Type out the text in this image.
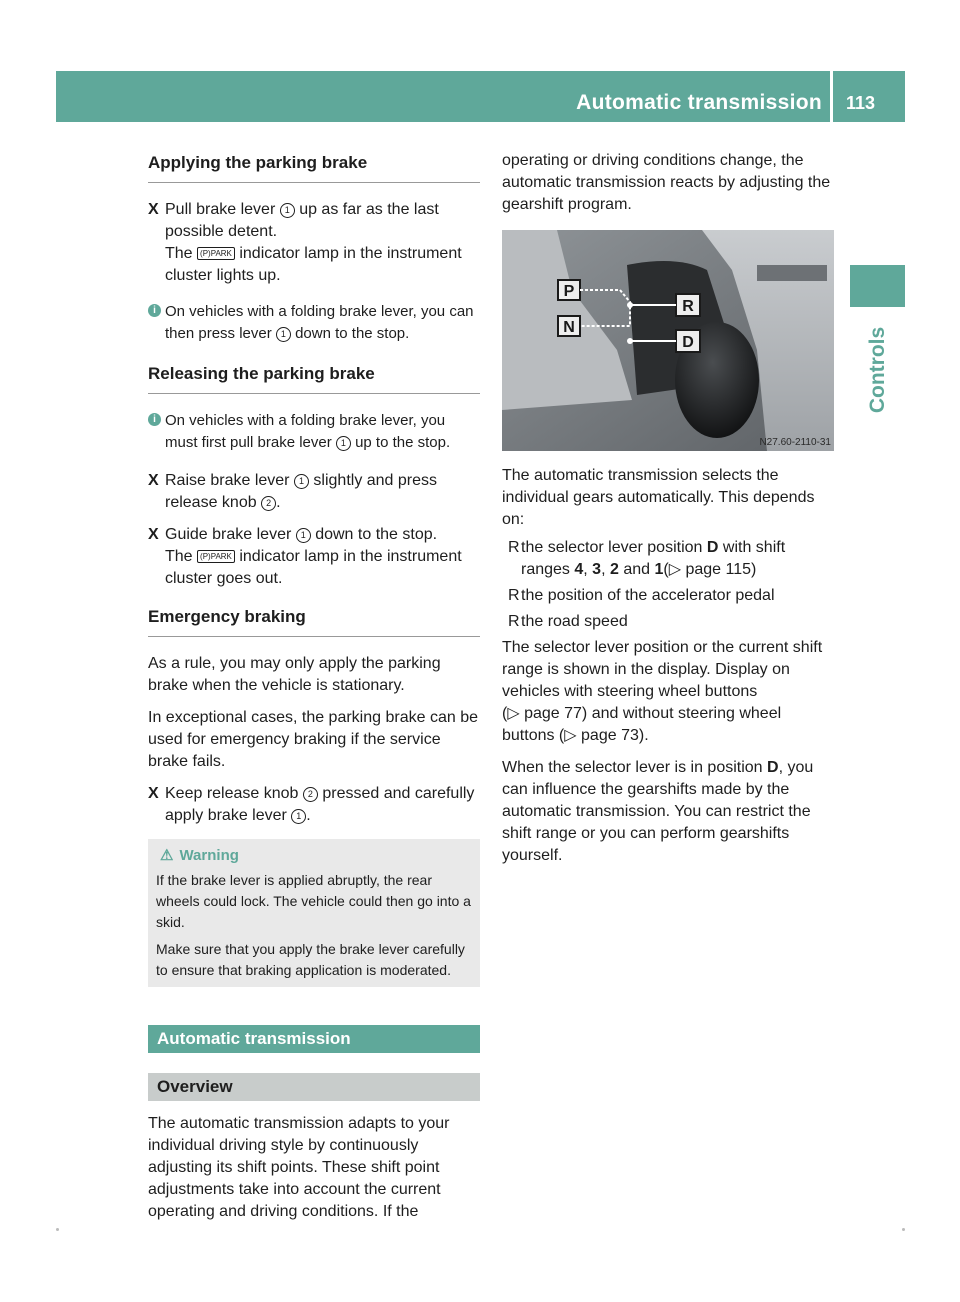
Automatic transmission 113
Controls
Applying the parking brake
X Pull brake lever 1 up as far as the last possible detent.
The (P)PARK indicator lamp in the instrument cluster lights up.
i On vehicles with a folding brake lever, you can then press lever 1 down to the stop.
Releasing the parking brake
i On vehicles with a folding brake lever, you must first pull brake lever 1 up to the stop.
X Raise brake lever 1 slightly and press release knob 2 .
X Guide brake lever 1 down to the stop.
The (P)PARK indicator lamp in the instrument cluster goes out.
Emergency braking

As a rule, you may only apply the parking brake when the vehicle is stationary.

In exceptional cases, the parking brake can be used for emergency braking if the service brake fails.

X Keep release knob 2 pressed and carefully apply brake lever 1 .
⚠ Warning

If the brake lever is applied abruptly, the rear wheels could lock. The vehicle could then go into a skid.

Make sure that you apply the brake lever carefully to ensure that braking application is moderated.

Automatic transmission
Overview

The automatic transmission adapts to your individual driving style by continuously adjusting its shift points. These shift point adjustments take into account the current operating and driving conditions. If the

operating or driving conditions change, the automatic transmission reacts by adjusting the gearshift program.

P
N
R
D
N27.60-2110-31

The automatic transmission selects the individual gears automatically. This depends on:

R the selector lever position D with shift ranges 4, 3, 2 and 1(▷ page 115)
R the position of the accelerator pedal
R the road speed

The selector lever position or the current shift range is shown in the display. Display on vehicles with steering wheel buttons
(▷ page 77) and without steering wheel buttons (▷ page 73).

When the selector lever is in position D, you can influence the gearshifts made by the automatic transmission. You can restrict the shift range or you can perform gearshifts yourself.
